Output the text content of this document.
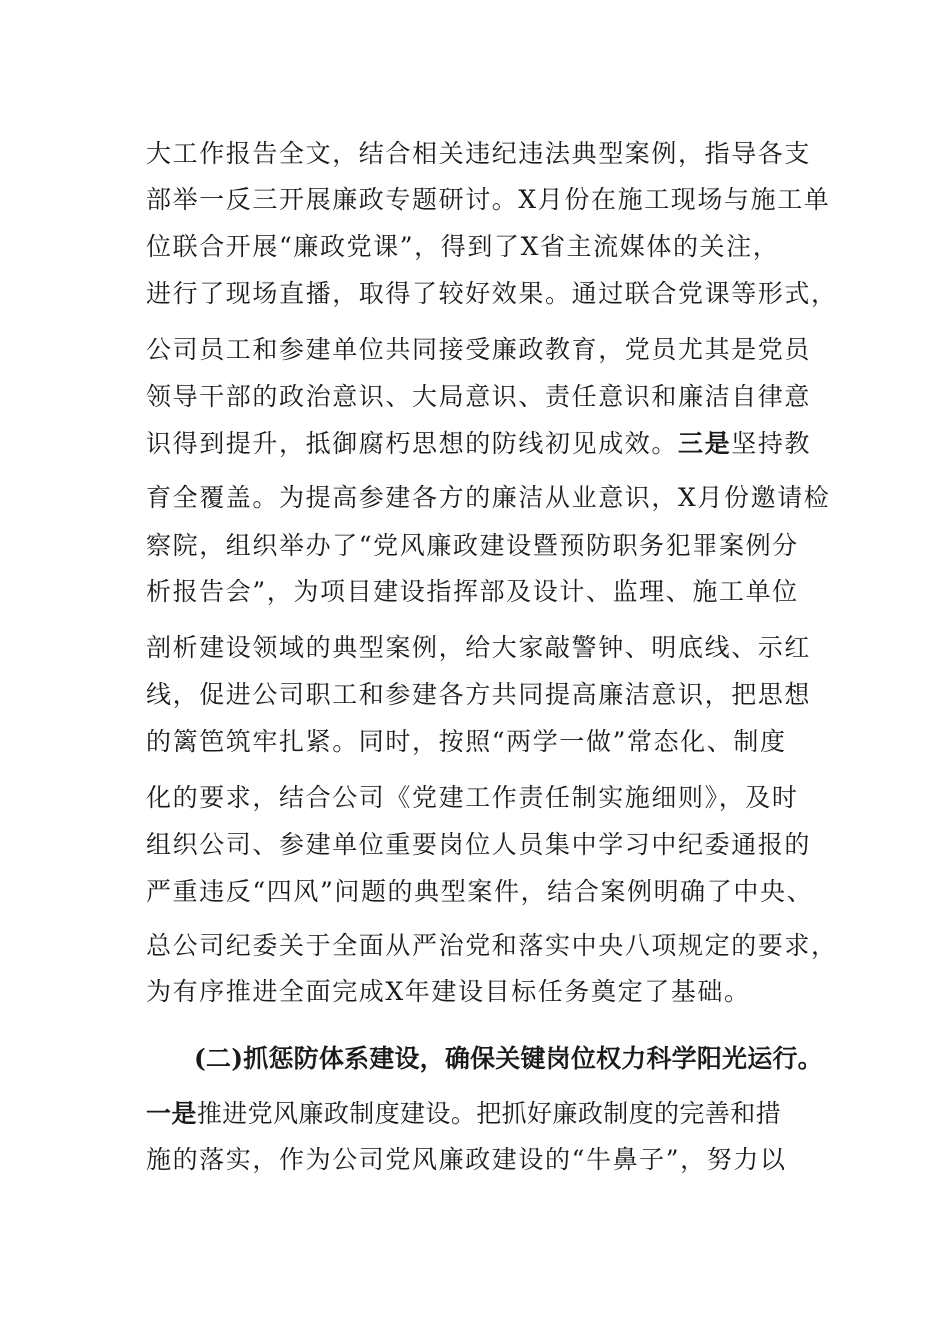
大工作报告全文，结合相关违纪违法典型案例，指导各支
部举一反三开展廉政专题研讨。X月份在施工现场与施工单
位联合开展“廉政党课”，得到了X省主流媒体的关注，
进行了现场直播，取得了较好效果。通过联合党课等形式，
公司员工和参建单位共同接受廉政教育，党员尤其是党员
领导干部的政治意识、大局意识、责任意识和廉洁自律意
识得到提升，抵御腐朽思想的防线初见成效。三是坚持教
育全覆盖。为提高参建各方的廉洁从业意识，X月份邀请检
察院，组织举办了“党风廉政建设暨预防职务犯罪案例分
析报告会”，为项目建设指挥部及设计、监理、施工单位
剖析建设领域的典型案例，给大家敲警钟、明底线、示红
线，促进公司职工和参建各方共同提高廉洁意识，把思想
的篱笆筑牢扎紧。同时，按照“两学一做”常态化、制度
化的要求，结合公司《党建工作责任制实施细则》，及时
组织公司、参建单位重要岗位人员集中学习中纪委通报的
严重违反“四风”问题的典型案件，结合案例明确了中央、
总公司纪委关于全面从严治党和落实中央八项规定的要求，
为有序推进全面完成X年建设目标任务奠定了基础。
(二)抓惩防体系建设，确保关键岗位权力科学阳光运行。
一是推进党风廉政制度建设。把抓好廉政制度的完善和措
施的落实，作为公司党风廉政建设的“牛鼻子”，努力以
